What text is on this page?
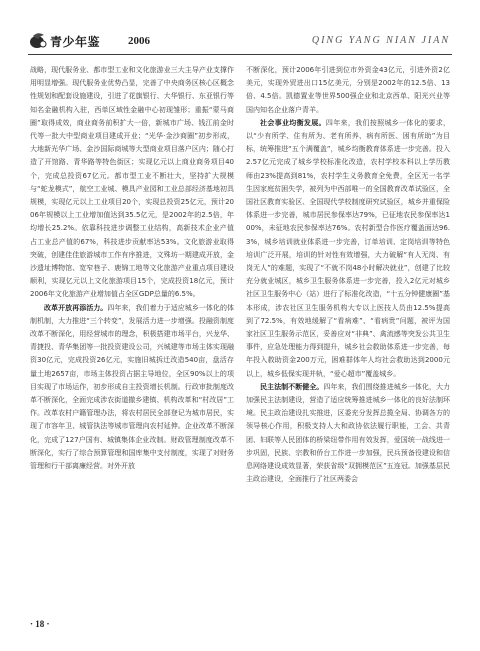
青少年鉴	2006	QING YANG NIAN JIAN

战略，现代服务业、都市型工业和文化旅游业三大主导产业支撑作用明显增强。现代服务业优势凸显，完善了中央商务区核心区概念性规划和配套设施建设，引进了花旗银行、大华银行、东亚银行等知名金融机构入驻，西单区域性金融中心初现雏形；重振“蒙马商圈”取得成效，商业商务前积扩大一倍，新城市广场、钱江前金时代等一批大中型商业项目建成开业；“光华·金沙商圈”初步形成，大地新光华广场、金沙国际商城等大型商业项目落户区内；随心打造了开馆路、青华路等特色街区；实现亿元以上商业商务项目40个，完成总投资67亿元。都市型工业不断壮大，坚持扩大规模与“蛇龙模式”，航空工业城、模具产业园和工业总部经济基地初具规模，实现亿元以上工业项目20个，实现总投资25亿元，预计2006年规模以上工业增加值达到35.5亿元，是2002年的2.5倍，年均增长25.2%。依靠科技进步调整工业结构，高新技术企业产值占工业总产值的67%，科技进步贡献率达53%。文化旅游业取得突破，创建佳佳旅游城市工作有序推进，文殊坊一期建成开放，金沙遗址博物馆、宽窄巷子、鹿锦工地等文化旅游产业重点项目建设顺利，实现亿元以上文化旅游项目15个，完成投资18亿元，预计2006年文化旅游产业增加值占全区GDP总量的6.5%。

改革开放再添活力。四年来，我们着力于适应城乡一体化的体制机制，大力推进“三个转变”，发展活力进一步增强。投融资制度改革不断深化，用经营城市的理念，积极搭建市场平台，兴龙华、青捷投、青华集团等一批投资建设公司，兴城建等市场主体实现融资30亿元，完成投资26亿元，实施旧城拆迁改造540亩，盘活存量土地2657亩，市场主体投资占据主导地位，全区90%以上的项目实现了市场运作，初步形成自主投资增长机制。行政审批制度改革不断深化，全面完成涉农街道撤乡建镇、机构改革和“村改居”工作。改革农村户籍管理办法，将农村居民全部登记为城市居民，实现了市容年卫、城管执法等城市管理向农村延伸。企业改革不断深化，完成了127户国有、城镇集体企业改制。财政管理制度改革不断深化，实行了综合预算管理和国库集中支付制度，实现了对财务管理和行干部离廉经营。对外开放

不断深化，预计2006年引进到位市外资金43亿元，引进外资2亿美元，实现外贸进出口15亿美元，分别是2002年的12.5倍、13倍、4.5倍。凯德置业等世界500强企业和北京西单、阳光兴业等国内知名企业落户青羊。

社会事业均衡发展。四年来，我们按照城乡一体化的要求，以“少有所学、住有所为、老有所养、病有所医、困有所助”为目标，统筹推进“五个满覆盖”，城乡均衡教育体系进一步完善。投入2.57亿元完成了城乡学校标准化改造，农村学校本科以上学历教师由23%提高到81%，农村学生义务教育全免费，全区无一名学生因家庭贫困失学，被列为中西部唯一的全国教育改革试验区，全国社区教育实验区、全国现代学校制度研究试验区，城乡并重保险体系进一步完善，城市居民参保率达79%，已征地农民参保率达100%，未征地农民参保率达76%。农村新型合作医疗覆盖面达96.3%，城乡培训就业体系进一步完善，订单培训、定岗培训等特色培训广泛开展，培训的针对性有效增强，大力破解“有人无岗、有岗无人”的难题，实现了“不就不岗48小时解决就业”，创建了比较充分就业城区，城乡卫生服务体系进一步完善，投入2亿元对城乡社区卫生服务中心（站）进行了标准化改造，“十五分钟健康圈”基本形成，涉农社区卫生服务机构大专以上医技人员由12.5%提高到了72.5%，有效地缓解了“看病难”、“看病贵”问题，被评为国家社区卫生服务示范区，妥善应对“非典”、禽流感等突发公共卫生事件，应急处理能力得到提升，城乡社会救助体系进一步完善，每年投入救助资金200万元，困难群体年人均社会救助达到2000元以上，城乡低保实现并轨，“爱心超市”覆盖城乡。

民主法制不断健全。四年来，我们围绕推进城乡一体化，大力加强民主法制建设，营造了适应统筹推进城乡一体化的良好法制环境。民主政治建设扎实推进，区委充分发挥总揽全局、协调各方的领导核心作用，积极支持人大和政协依法履行职能，工会、共青团、妇联等人民团体的桥梁纽带作用有效发挥，爱国统一战线进一步巩固，民族、宗教和侨台工作进一步加强，民兵预备役建设和信息网络建设成效显著，荣获省级“双拥模范区”五连冠。加强基层民主政治建设，全面推行了社区两委会

· 18 ·
